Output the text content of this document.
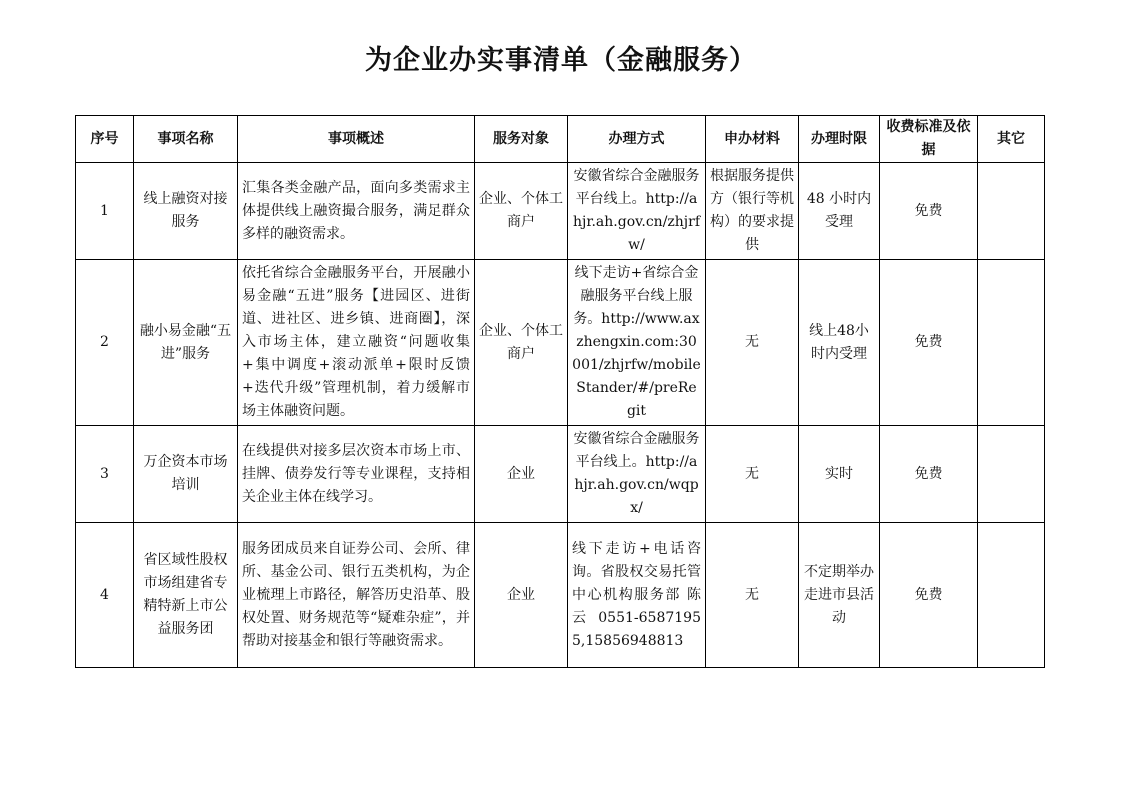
为企业办实事清单（金融服务）
序号	事项名称	事项概述	服务对象	办理方式	申办材料	办理时限	收费标准及依据	其它
1	线上融资对接服务	汇集各类金融产品，面向多类需求主体提供线上融资撮合服务，满足群众多样的融资需求。	企业、个体工商户	安徽省综合金融服务平台线上。http://ahjr.ah.gov.cn/zhjrfw/	根据服务提供方（银行等机构）的要求提供	48 小时内受理	免费	
2	融小易金融“五进”服务	依托省综合金融服务平台，开展融小易金融“五进”服务【进园区、进街道、进社区、进乡镇、进商圈】，深入市场主体，建立融资“问题收集+集中调度+滚动派单+限时反馈+迭代升级”管理机制，着力缓解市场主体融资问题。	企业、个体工商户	线下走访+省综合金融服务平台线上服务。http://www.axzhengxin.com:30001/zhjrfw/mobileStander/#/preRegit	无	线上48小时内受理	免费	
3	万企资本市场培训	在线提供对接多层次资本市场上市、挂牌、债券发行等专业课程，支持相关企业主体在线学习。	企业	安徽省综合金融服务平台线上。http://ahjr.ah.gov.cn/wqpx/	无	实时	免费	
4	省区域性股权市场组建省专精特新上市公益服务团	服务团成员来自证券公司、会所、律所、基金公司、银行五类机构，为企业梳理上市路径，解答历史沿革、股权处置、财务规范等“疑难杂症”，并帮助对接基金和银行等融资需求。	企业	线下走访+电话咨询。省股权交易托管中心机构服务部 陈云 0551-65871955,15856948813	无	不定期举办走进市县活动	免费	
